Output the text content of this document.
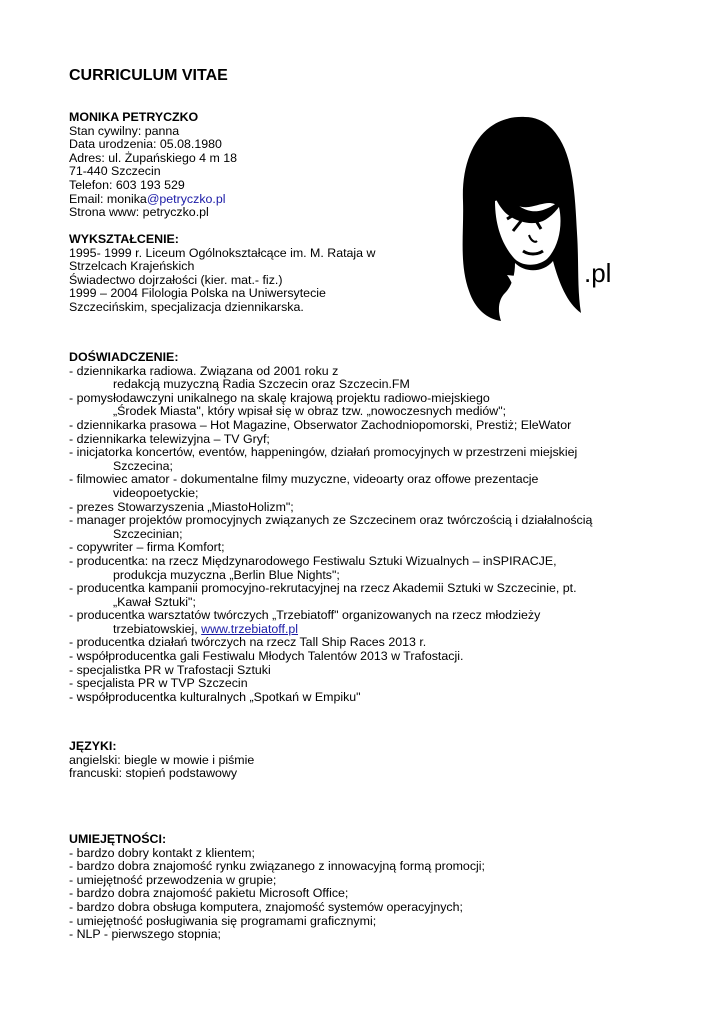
CURRICULUM VITAE
MONIKA PETRYCZKO
Stan cywilny: panna
Data urodzenia: 05.08.1980
Adres: ul. Żupańskiego 4 m 18
71-440 Szczecin
Telefon: 603 193 529
Email: monika@petryczko.pl
Strona www: petryczko.pl
.pl
WYKSZTAŁCENIE:
1995- 1999 r. Liceum Ogólnokształcące im. M. Rataja w
Strzelcach Krajeńskich
Świadectwo dojrzałości (kier. mat.- fiz.)
1999 – 2004 Filologia Polska na Uniwersytecie
Szczecińskim, specjalizacja dziennikarska.
DOŚWIADCZENIE:
- dziennikarka radiowa. Związana od 2001 roku z
redakcją muzyczną Radia Szczecin oraz Szczecin.FM
- pomysłodawczyni unikalnego na skalę krajową projektu radiowo-miejskiego
„Środek Miasta", który wpisał się w obraz tzw. „nowoczesnych mediów";
- dziennikarka prasowa – Hot Magazine, Obserwator Zachodniopomorski, Prestiż; EleWator
- dziennikarka telewizyjna – TV Gryf;
- inicjatorka koncertów, eventów, happeningów, działań promocyjnych w przestrzeni miejskiej
Szczecina;
- filmowiec amator - dokumentalne filmy muzyczne, videoarty oraz offowe prezentacje
videopoetyckie;
- prezes Stowarzyszenia „MiastoHolizm";
- manager projektów promocyjnych związanych ze Szczecinem oraz twórczością i działalnością
Szczecinian;
- copywriter – firma Komfort;
- producentka: na rzecz Międzynarodowego Festiwalu Sztuki Wizualnych – inSPIRACJE,
produkcja muzyczna „Berlin Blue Nights";
- producentka kampanii promocyjno-rekrutacyjnej na rzecz Akademii Sztuki w Szczecinie, pt.
„Kawał Sztuki";
- producentka warsztatów twórczych „Trzebiatoff" organizowanych na rzecz młodzieży
trzebiatowskiej, www.trzebiatoff.pl
- producentka działań twórczych na rzecz Tall Ship Races 2013 r.
- współproducentka gali Festiwalu Młodych Talentów 2013 w Trafostacji.
- specjalistka PR w Trafostacji Sztuki
- specjalista PR w TVP Szczecin
- współproducentka kulturalnych „Spotkań w Empiku"
JĘZYKI:
angielski: biegle w mowie i piśmie
francuski: stopień podstawowy
UMIEJĘTNOŚCI:
- bardzo dobry kontakt z klientem;
- bardzo dobra znajomość rynku związanego z innowacyjną formą promocji;
- umiejętność przewodzenia w grupie;
- bardzo dobra znajomość pakietu Microsoft Office;
- bardzo dobra obsługa komputera, znajomość systemów operacyjnych;
- umiejętność posługiwania się programami graficznymi;
- NLP - pierwszego stopnia;
